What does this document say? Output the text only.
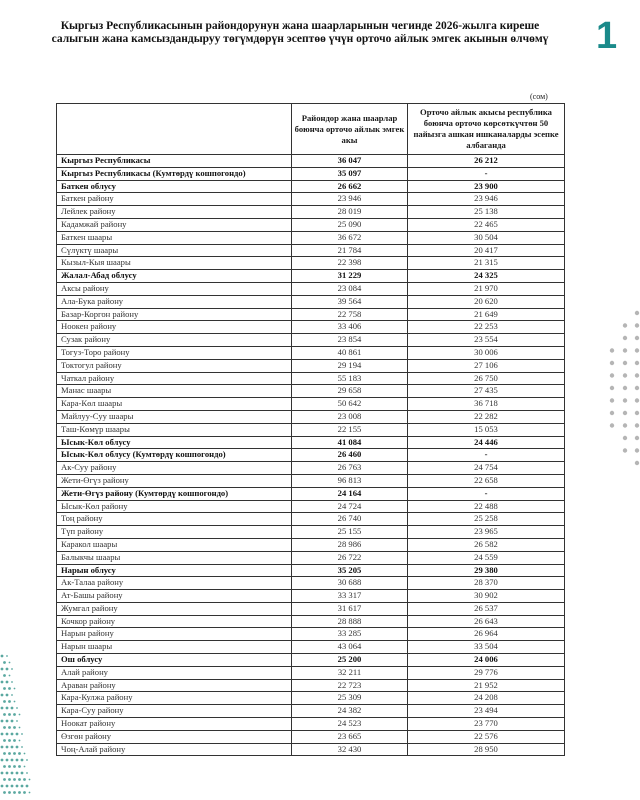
Кыргыз Республикасынын райондорунун жана шаарларынын чегинде 2026-жылга киреше салыгын жана камсыздандыруу төгүмдөрүн эсептөө үчүн орточо айлык эмгек акынын өлчөмү	1
(сом)
	Райондор жана шаарлар боюнча орточо айлык эмгек акы	Орточо айлык акысы республика боюнча орточо көрсөткүчтөн 50 пайызга ашкан ишканаларды эсепке албаганда
Кыргыз Республикасы	36 047	26 212
Кыргыз Республикасы (Кумтөрдү кошпогондо)	35 097	-
Баткен облусу	26 662	23 900
Баткен району	23 946	23 946
Лейлек району	28 019	25 138
Кадамжай району	25 090	22 465
Баткен шаары	36 672	30 504
Сүлүктү шаары	21 784	20 417
Кызыл-Кыя шаары	22 398	21 315
Жалал-Абад облусу	31 229	24 325
Аксы району	23 084	21 970
Ала-Бука району	39 564	20 620
Базар-Коргон району	22 758	21 649
Ноокен району	33 406	22 253
Сузак району	23 854	23 554
Тогуз-Торо району	40 861	30 006
Токтогул району	29 194	27 106
Чаткал району	55 183	26 750
Манас шаары	29 658	27 435
Кара-Көл шаары	50 642	36 718
Майлуу-Суу шаары	23 008	22 282
Таш-Көмүр шаары	22 155	15 053
Ысык-Көл облусу	41 084	24 446
Ысык-Көл облусу (Кумтөрдү кошпогондо)	26 460	-
Ак-Суу району	26 763	24 754
Жети-Өгүз району	96 813	22 658
Жети-Өгүз району (Кумтөрдү кошпогондо)	24 164	-
Ысык-Көл району	24 724	22 488
Тоң району	26 740	25 258
Түп району	25 155	23 965
Каракол шаары	28 986	26 582
Балыкчы шаары	26 722	24 559
Нарын облусу	35 205	29 380
Ак-Талаа району	30 688	28 370
Ат-Башы району	33 317	30 902
Жумгал району	31 617	26 537
Кочкор району	28 888	26 643
Нарын району	33 285	26 964
Нарын шаары	43 064	33 504
Ош облусу	25 200	24 006
Алай району	32 211	29 776
Араван району	22 723	21 952
Кара-Кулжа району	25 309	24 208
Кара-Суу району	24 382	23 494
Ноокат району	24 523	23 770
Өзгөн району	23 665	22 576
Чоң-Алай району	32 430	28 950
